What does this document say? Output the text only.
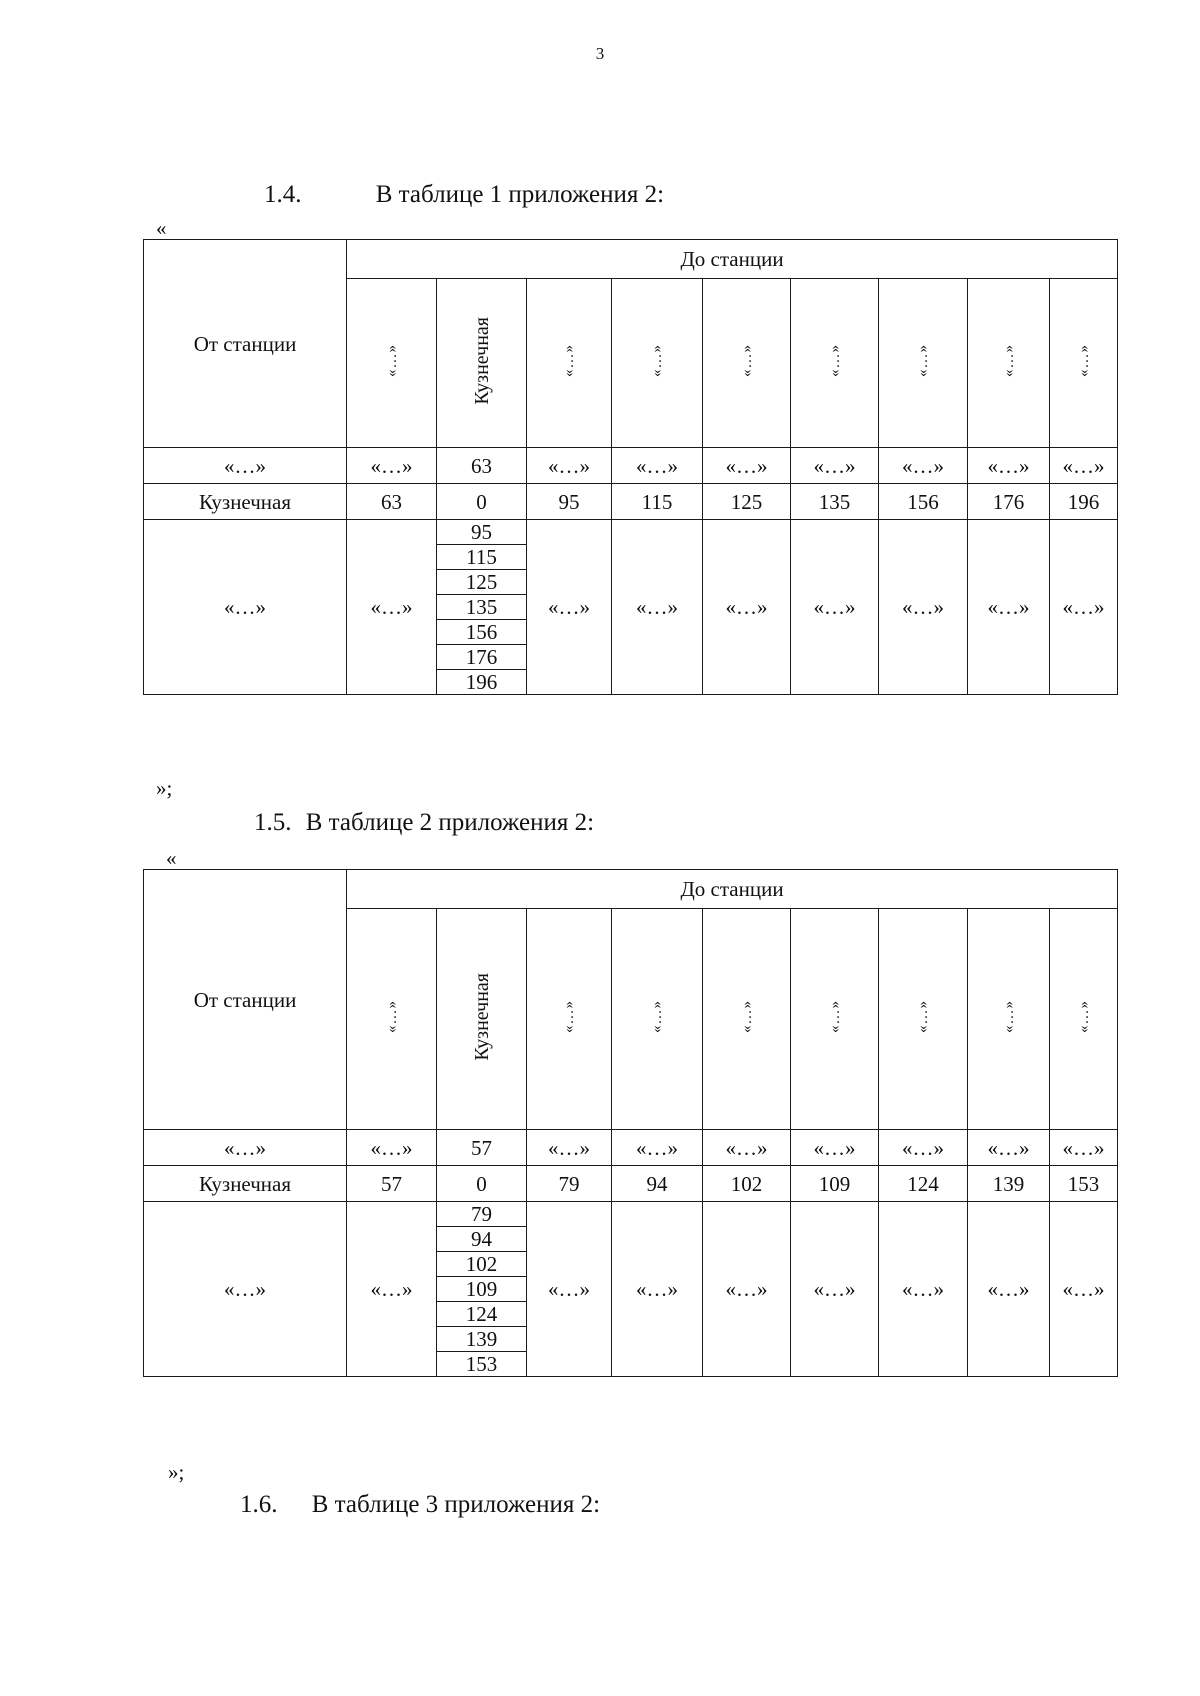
3
1.4.	В таблице 1 приложения 2:
«
От станции	До станции								
	«…»	Кузнечная	«…»	«…»	«…»	«…»	«…»	«…»	«…»
«…»	«…»	63	«…»	«…»	«…»	«…»	«…»	«…»	«…»
Кузнечная	63	0	95	115	125	135	156	176	196
«…»	«…»	95	«…»	«…»	«…»	«…»	«…»	«…»	«…»
		115							
		125							
		135							
		156							
		176							
		196							
»;
1.5. В таблице 2 приложения 2:
«
От станции	До станции								
	«…»	Кузнечная	«…»	«…»	«…»	«…»	«…»	«…»	«…»
«…»	«…»	57	«…»	«…»	«…»	«…»	«…»	«…»	«…»
Кузнечная	57	0	79	94	102	109	124	139	153
«…»	«…»	79	«…»	«…»	«…»	«…»	«…»	«…»	«…»
		94							
		102							
		109							
		124							
		139							
		153							
»;
1.6. В таблице 3 приложения 2:
